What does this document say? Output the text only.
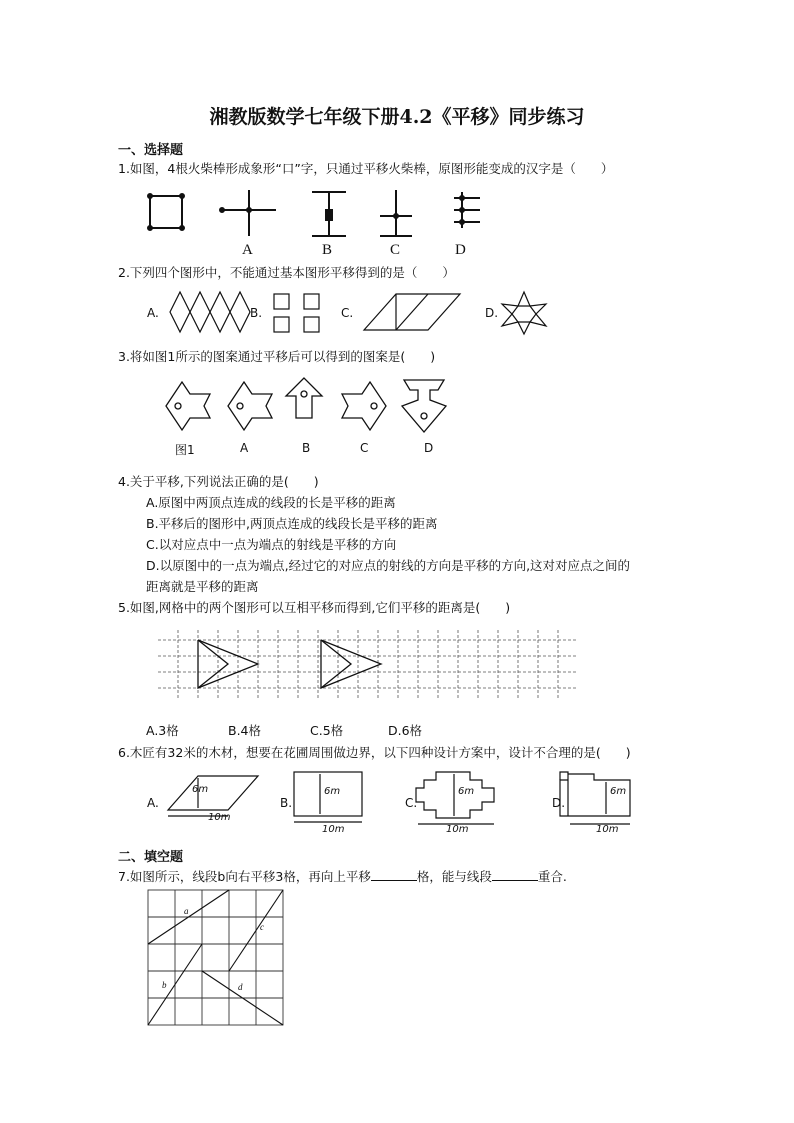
湘教版数学七年级下册4.2《平移》同步练习
一、选择题
1.如图，4根火柴棒形成象形“口”字，只通过平移火柴棒，原图形能变成的汉字是（　　）
A	B	C	D
2.下列四个图形中，不能通过基本图形平移得到的是（　　）
A.	B.	C.	D.
3.将如图1所示的图案通过平移后可以得到的图案是(　　)
图1	A	B	C	D
4.关于平移,下列说法正确的是(　　)
A.原图中两顶点连成的线段的长是平移的距离
B.平移后的图形中,两顶点连成的线段长是平移的距离
C.以对应点中一点为端点的射线是平移的方向
D.以原图中的一点为端点,经过它的对应点的射线的方向是平移的方向,这对对应点之间的
距离就是平移的距离
5.如图,网格中的两个图形可以互相平移而得到,它们平移的距离是(　　)
A.3格	B.4格	C.5格	D.6格
6.木匠有32米的木材，想要在花圃周围做边界，以下四种设计方案中，设计不合理的是(　　)
A.	B.	C.	D.
6m
10m
6m
10m
6m
10m
6m
10m
二、填空题
7.如图所示，线段b向右平移3格，再向上平移	格，能与线段	重合.
a
c
b	d
